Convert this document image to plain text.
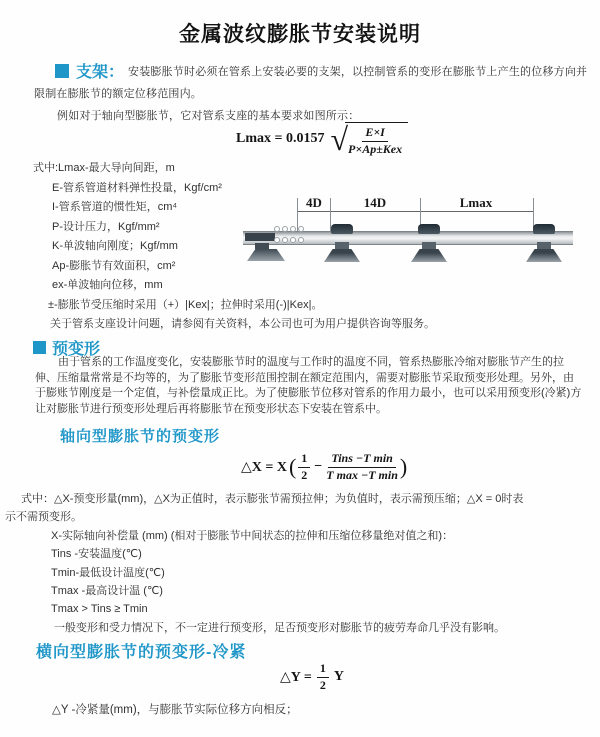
金属波纹膨胀节安装说明
支架： 安装膨胀节时必须在管系上安装必要的支架，以控制管系的变形在膨胀节上产生的位移方向并
限制在膨胀节的额定位移范围内。
例如对于轴向型膨胀节，它对管系支座的基本要求如图所示：
Lmax = 0.0157 √ E×I
P×Ap±Kex
式中:Lmax-最大导向间距，m
E-管系管道材料弹性投量，Kgf/cm²
I-管系管道的惯性矩，cm⁴
P-设计压力，Kgf/mm²
K-单波轴向刚度；Kgf/mm
Ap-膨胀节有效面积，cm²
ex-单波轴向位移，mm
±-膨胀节受压缩时采用（+）|Kex|；拉伸时采用(-)|Kex|。
关于管系支座设计问题，请参阅有关资料，本公司也可为用户提供咨询等服务。
4D	14D	Lmax
预变形
由于管系的工作温度变化，安装膨胀节时的温度与工作时的温度不同，管系热膨胀冷缩对膨胀节产生的拉
伸、压缩量常常是不均等的，为了膨胀节变形范围控制在额定范围内，需要对膨胀节采取预变形处理。另外，由
于膨账节刚度是一个定值，与补偿量成正比。为了使膨胀节位移对管系的作用力最小，也可以采用预变形(冷紧)方
让对膨胀节进行预变形处理后再将膨胀节在预变形状态下安装在管系中。
轴向型膨胀节的预变形
△X = X ( 1
2
−
Tins −T min
T max −T min )
式中：△X-预变形量(mm)，△X为正值时，表示膨张节需预拉伸；为负值时，表示需预压缩；△X = 0时表
示不需预变形。
X-实际轴向补偿量 (mm) (相对于膨胀节中间状态的拉伸和压缩位移量绝对值之和)：
Tins -安装温度(℃)
Tmin-最低设计温度(℃)
Tmax -最高设计温 (℃)
Tmax > Tins ≥ Tmin
一般变形和受力情况下，不一定进行预变形，足否预变形对膨胀节的疲劳寿命几乎没有影响。
横向型膨胀节的预变形-冷紧
△Y = $\frac{1}{2}$ Y
△Y -冷紧量(mm)，与膨胀节实际位移方向相反；
